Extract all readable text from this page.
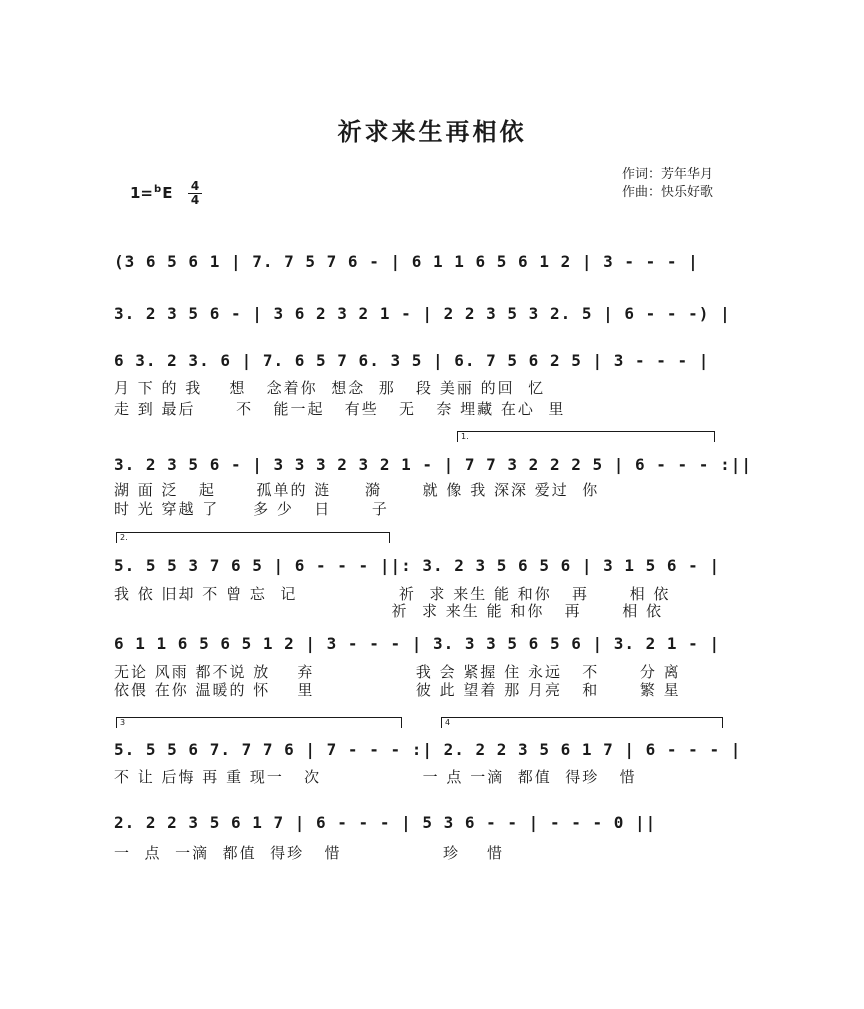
祈求来生再相依
作词：芳年华月
作曲：快乐好歌
1=$^b$E 4
4
(3 6 5 6 1 | 7. 7 5 7 6 - | 6 1 1 6 5 6 1 2 | 3 - - - |
3. 2 3 5 6 - | 3 6 2 3 2 1 - | 2 2 3 5 3 2. 5 | 6 - - -) |
6 3. 2 3. 6 | 7. 6 5 7 6. 3 5 | 6. 7 5 6 2 5 | 3 - - - |
月 下 的 我    想   念着你  想念  那   段 美丽 的回  忆
走 到 最后      不   能一起   有些   无   奈 埋藏 在心  里
1.
3. 2 3 5 6 - | 3 3 3 2 3 2 1 - | 7 7 3 2 2 2 5 | 6 - - - :||
湖 面 泛   起      孤单的 涟     漪      就 像 我 深深 爱过  你
时 光 穿越 了     多 少   日      子
2.
5. 5 5 3 7 6 5 | 6 - - - ||: 3. 2 3 5 6 5 6 | 3 1 5 6 - |
我 依 旧却 不 曾 忘  记               祈  求 来生 能 和你   再      相 依
祈  求 来生 能 和你   再      相 依
6 1 1 6 5 6 5 1 2 | 3 - - - | 3. 3 3 5 6 5 6 | 3. 2 1 - |
无论 风雨 都不说 放    弃               我 会 紧握 住 永远   不      分 离
依偎 在你 温暖的 怀    里               彼 此 望着 那 月亮   和      繁 星
3	4
5. 5 5 6 7. 7 7 6 | 7 - - - :| 2. 2 2 3 5 6 1 7 | 6 - - - |
不 让 后悔 再 重 现一   次               一 点 一滴  都值  得珍   惜
2. 2 2 3 5 6 1 7 | 6 - - - | 5 3 6 - - | - - - 0 ||
一  点  一滴  都值  得珍   惜               珍    惜
